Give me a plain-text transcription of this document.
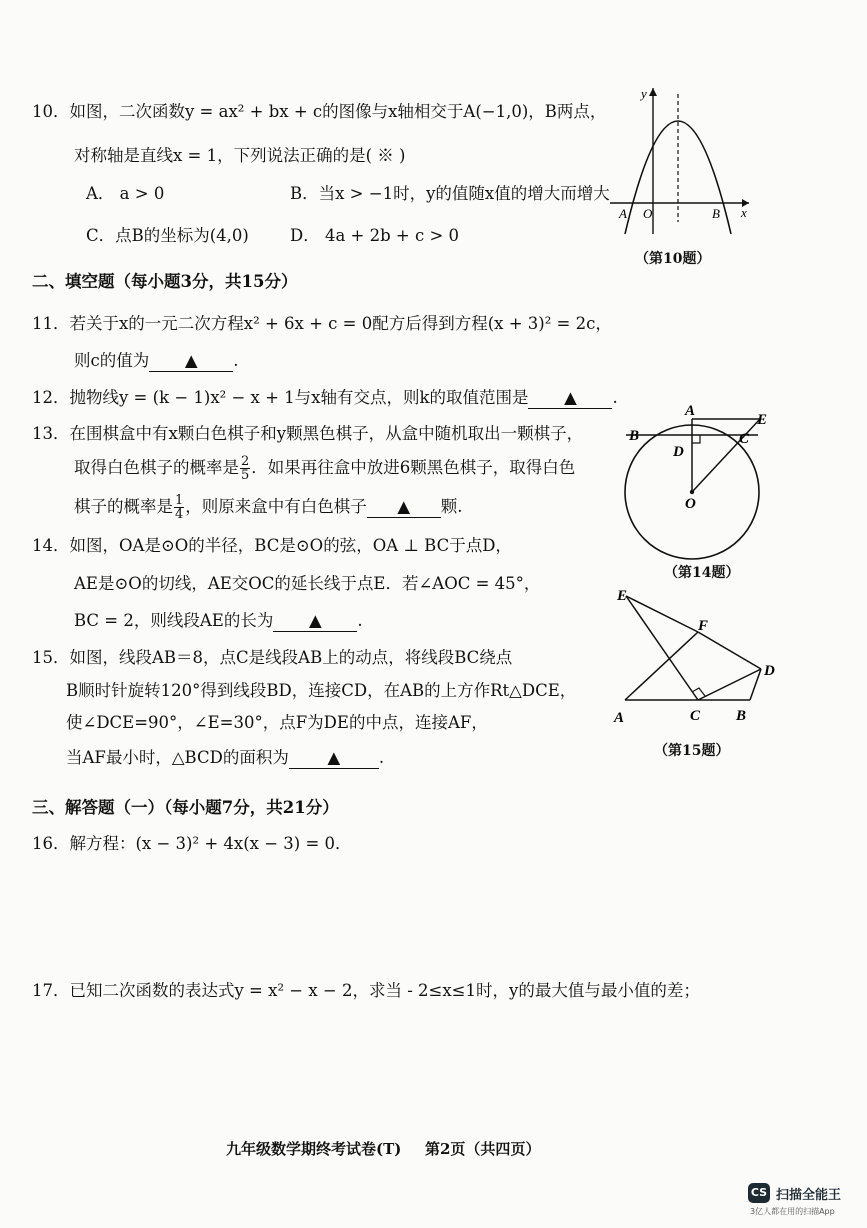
10．如图，二次函数y = ax² + bx + c的图像与x轴相交于A(−1,0)，B两点，
对称轴是直线x = 1，下列说法正确的是( ※ )
A． a > 0	B．当x > −1时，y的值随x值的增大而增大
C．点B的坐标为(4,0) D． 4a + 2b + c > 0
y
x
A O	B
（第10题）
二、填空题（每小题3分，共15分）
11．若关于x的一元二次方程x² + 6x + c = 0配方后得到方程(x + 3)² = 2c，
则c的值为 ▲ .
12．抛物线y = (k − 1)x² − x + 1与x轴有交点，则k的取值范围是 ▲ .
13．在围棋盒中有x颗白色棋子和y颗黑色棋子，从盒中随机取出一颗棋子，
取得白色棋子的概率是 $\frac{2}{5}$ ．如果再往盒中放进6颗黑色棋子，取得白色
棋子的概率是 $\frac{1}{4}$ ，则原来盒中有白色棋子 ▲ 颗.
A
E
B	C
D
O
（第14题）
14．如图，OA是⊙O的半径，BC是⊙O的弦，OA ⊥ BC于点D，
AE是⊙O的切线，AE交OC的延长线于点E．若∠AOC = 45°，
BC = 2，则线段AE的长为 ▲ .
E
F
D
A	C B
（第15题）
15．如图，线段AB＝8，点C是线段AB上的动点，将线段BC绕点
B顺时针旋转120°得到线段BD，连接CD，在AB的上方作Rt△DCE，
使∠DCE=90°，∠E=30°，点F为DE的中点，连接AF，
当AF最小时，△BCD的面积为 ▲ .
三、解答题（一）（每小题7分，共21分）
16．解方程：(x − 3)² + 4x(x − 3) = 0．
17．已知二次函数的表达式y = x² − x − 2，求当 - 2≤x≤1时，y的最大值与最小值的差；
九年级数学期终考试卷(T) 第2页（共四页）
CS 扫描全能王
3亿人都在用的扫描App
